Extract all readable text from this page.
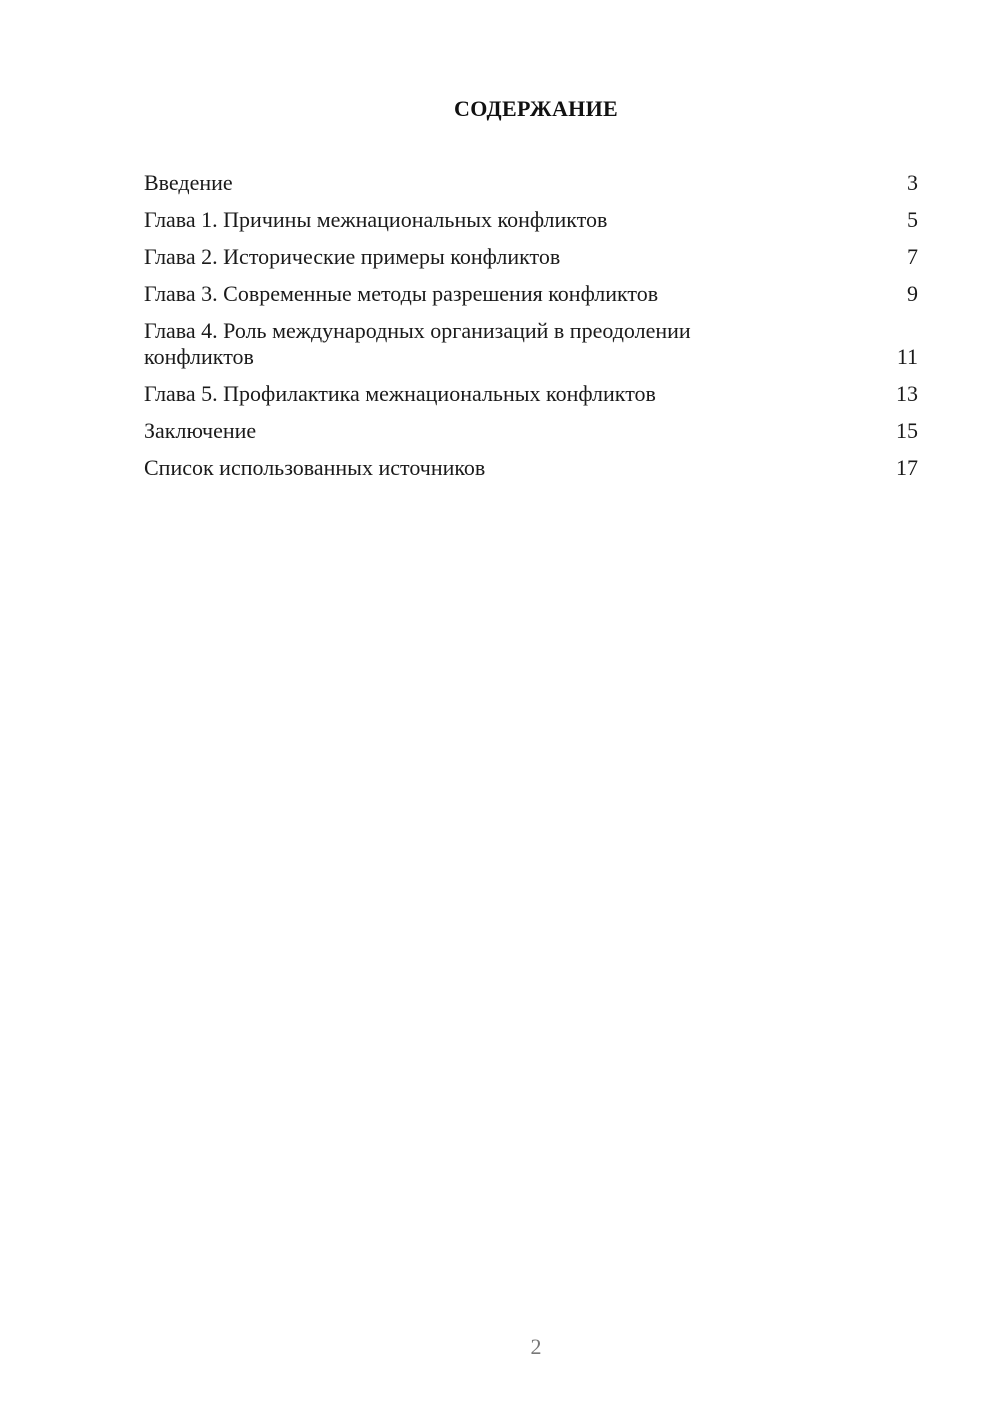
СОДЕРЖАНИЕ
Введение	3
Глава 1. Причины межнациональных конфликтов	5
Глава 2. Исторические примеры конфликтов	7
Глава 3. Современные методы разрешения конфликтов	9
Глава 4. Роль международных организаций в преодолении конфликтов	11
Глава 5. Профилактика межнациональных конфликтов	13
Заключение	15
Список использованных источников	17
2
